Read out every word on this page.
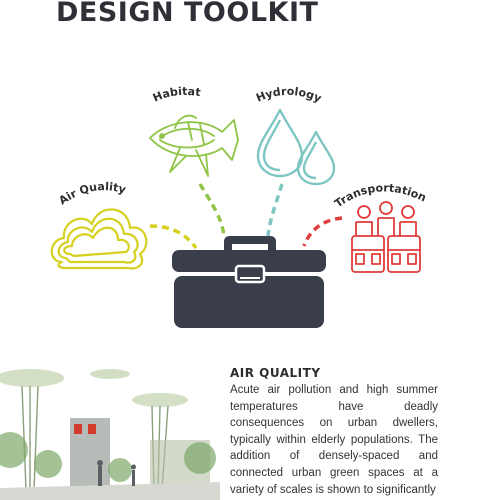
DESIGN TOOLKIT
Air Quality
Habitat	Hydrology
Transportation
AIR QUALITY

Acute air pollution and high summer temperatures have deadly consequences on urban dwellers, typically within elderly populations. The addition of densely-spaced and connected urban green spaces at a variety of scales is shown to significantly
